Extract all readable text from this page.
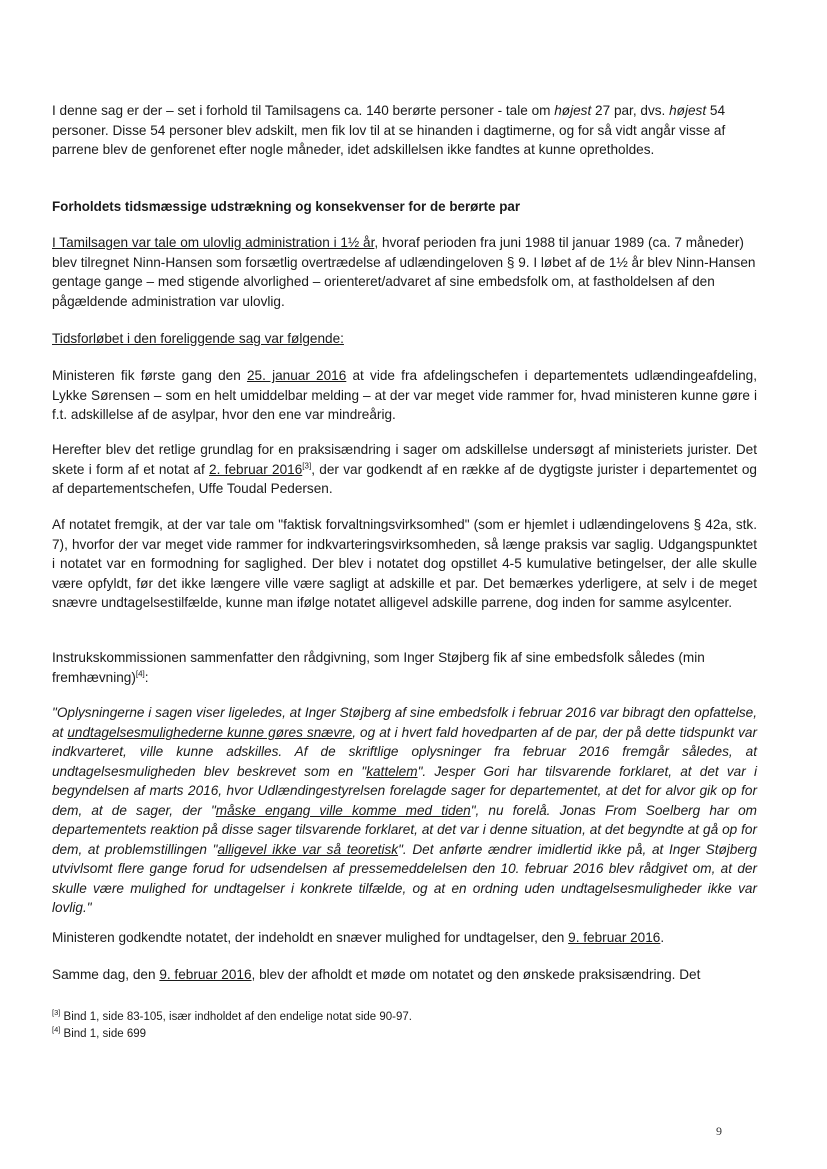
I denne sag er der – set i forhold til Tamilsagens ca. 140 berørte personer - tale om højest 27 par, dvs. højest 54 personer. Disse 54 personer blev adskilt, men fik lov til at se hinanden i dagtimerne, og for så vidt angår visse af parrene blev de genforenet efter nogle måneder, idet adskillelsen ikke fandtes at kunne opretholdes.

Forholdets tidsmæssige udstrækning og konsekvenser for de berørte par

I Tamilsagen var tale om ulovlig administration i 1½ år, hvoraf perioden fra juni 1988 til januar 1989 (ca. 7 måneder) blev tilregnet Ninn-Hansen som forsætlig overtrædelse af udlændingeloven § 9. I løbet af de 1½ år blev Ninn-Hansen gentage gange – med stigende alvorlighed – orienteret/advaret af sine embedsfolk om, at fastholdelsen af den pågældende administration var ulovlig.

Tidsforløbet i den foreliggende sag var følgende:

Ministeren fik første gang den 25. januar 2016 at vide fra afdelingschefen i departementets udlændingeafdeling, Lykke Sørensen – som en helt umiddelbar melding – at der var meget vide rammer for, hvad ministeren kunne gøre i f.t. adskillelse af de asylpar, hvor den ene var mindreårig.

Herefter blev det retlige grundlag for en praksisændring i sager om adskillelse undersøgt af ministeriets jurister. Det skete i form af et notat af 2. februar 2016[3], der var godkendt af en række af de dygtigste jurister i departementet og af departementschefen, Uffe Toudal Pedersen.

Af notatet fremgik, at der var tale om "faktisk forvaltningsvirksomhed" (som er hjemlet i udlændingelovens § 42a, stk. 7), hvorfor der var meget vide rammer for indkvarteringsvirksomheden, så længe praksis var saglig. Udgangspunktet i notatet var en formodning for saglighed. Der blev i notatet dog opstillet 4-5 kumulative betingelser, der alle skulle være opfyldt, før det ikke længere ville være sagligt at adskille et par. Det bemærkes yderligere, at selv i de meget snævre undtagelsestilfælde, kunne man ifølge notatet alligevel adskille parrene, dog inden for samme asylcenter.

Instrukskommissionen sammenfatter den rådgivning, som Inger Støjberg fik af sine embedsfolk således (min fremhævning)[4]:

"Oplysningerne i sagen viser ligeledes, at Inger Støjberg af sine embedsfolk i februar 2016 var bibragt den opfattelse, at undtagelsesmulighederne kunne gøres snævre, og at i hvert fald hovedparten af de par, der på dette tidspunkt var indkvarteret, ville kunne adskilles. Af de skriftlige oplysninger fra februar 2016 fremgår således, at undtagelsesmuligheden blev beskrevet som en "kattelem". Jesper Gori har tilsvarende forklaret, at det var i begyndelsen af marts 2016, hvor Udlændingestyrelsen forelagde sager for departementet, at det for alvor gik op for dem, at de sager, der "måske engang ville komme med tiden", nu forelå. Jonas From Soelberg har om departementets reaktion på disse sager tilsvarende forklaret, at det var i denne situation, at det begyndte at gå op for dem, at problemstillingen "alligevel ikke var så teoretisk". Det anførte ændrer imidlertid ikke på, at Inger Støjberg utvivlsomt flere gange forud for udsendelsen af pressemeddelelsen den 10. februar 2016 blev rådgivet om, at der skulle være mulighed for undtagelser i konkrete tilfælde, og at en ordning uden undtagelsesmuligheder ikke var lovlig."

Ministeren godkendte notatet, der indeholdt en snæver mulighed for undtagelser, den 9. februar 2016.

Samme dag, den 9. februar 2016, blev der afholdt et møde om notatet og den ønskede praksisændring. Det

[3] Bind 1, side 83-105, især indholdet af den endelige notat side 90-97.

[4] Bind 1, side 699

9
